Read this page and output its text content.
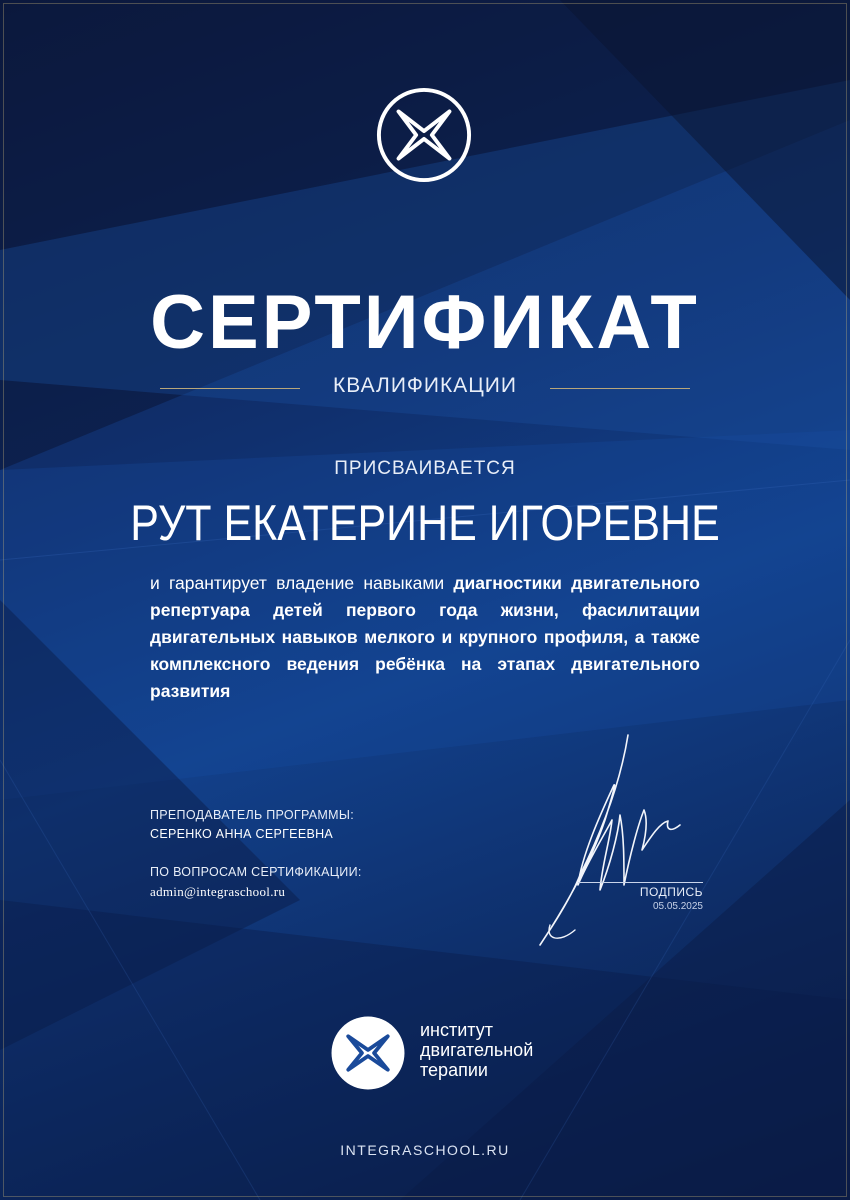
СЕРТИФИКАТ
КВАЛИФИКАЦИИ
ПРИСВАИВАЕТСЯ
РУТ ЕКАТЕРИНЕ ИГОРЕВНЕ
и гарантирует владение навыками диагностики двигательного репертуара детей первого года жизни, фасилитации двигательных навыков мелкого и крупного профиля, а также комплексного ведения ребёнка на этапах двигательного развития
ПРЕПОДАВАТЕЛЬ ПРОГРАММЫ:
СЕРЕНКО АННА СЕРГЕЕВНА
ПО ВОПРОСАМ СЕРТИФИКАЦИИ:
admin@integraschool.ru	ПОДПИСЬ
05.05.2025
институт
двигательной
терапии
INTEGRASCHOOL.RU
